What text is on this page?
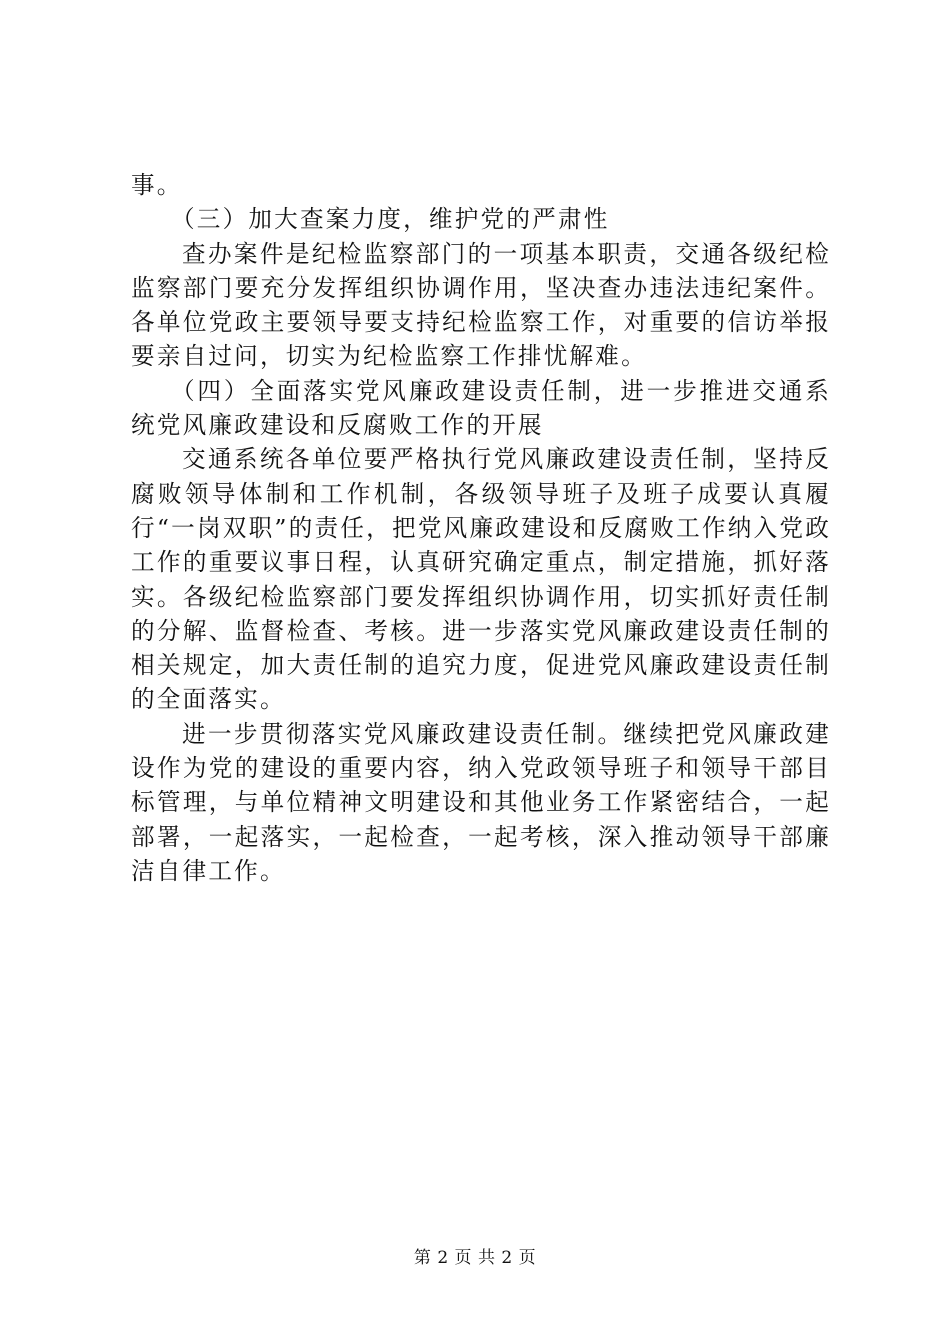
事。

（三）加大查案力度，维护党的严肃性

查办案件是纪检监察部门的一项基本职责，交通各级纪检监察部门要充分发挥组织协调作用，坚决查办违法违纪案件。各单位党政主要领导要支持纪检监察工作，对重要的信访举报要亲自过问，切实为纪检监察工作排忧解难。

（四）全面落实党风廉政建设责任制，进一步推进交通系统党风廉政建设和反腐败工作的开展

交通系统各单位要严格执行党风廉政建设责任制，坚持反腐败领导体制和工作机制，各级领导班子及班子成要认真履行“一岗双职”的责任，把党风廉政建设和反腐败工作纳入党政工作的重要议事日程，认真研究确定重点，制定措施，抓好落实。各级纪检监察部门要发挥组织协调作用，切实抓好责任制的分解、监督检查、考核。进一步落实党风廉政建设责任制的相关规定，加大责任制的追究力度，促进党风廉政建设责任制的全面落实。

进一步贯彻落实党风廉政建设责任制。继续把党风廉政建设作为党的建设的重要内容，纳入党政领导班子和领导干部目标管理，与单位精神文明建设和其他业务工作紧密结合，一起部署，一起落实，一起检查，一起考核，深入推动领导干部廉洁自律工作。

第 2 页 共 2 页
